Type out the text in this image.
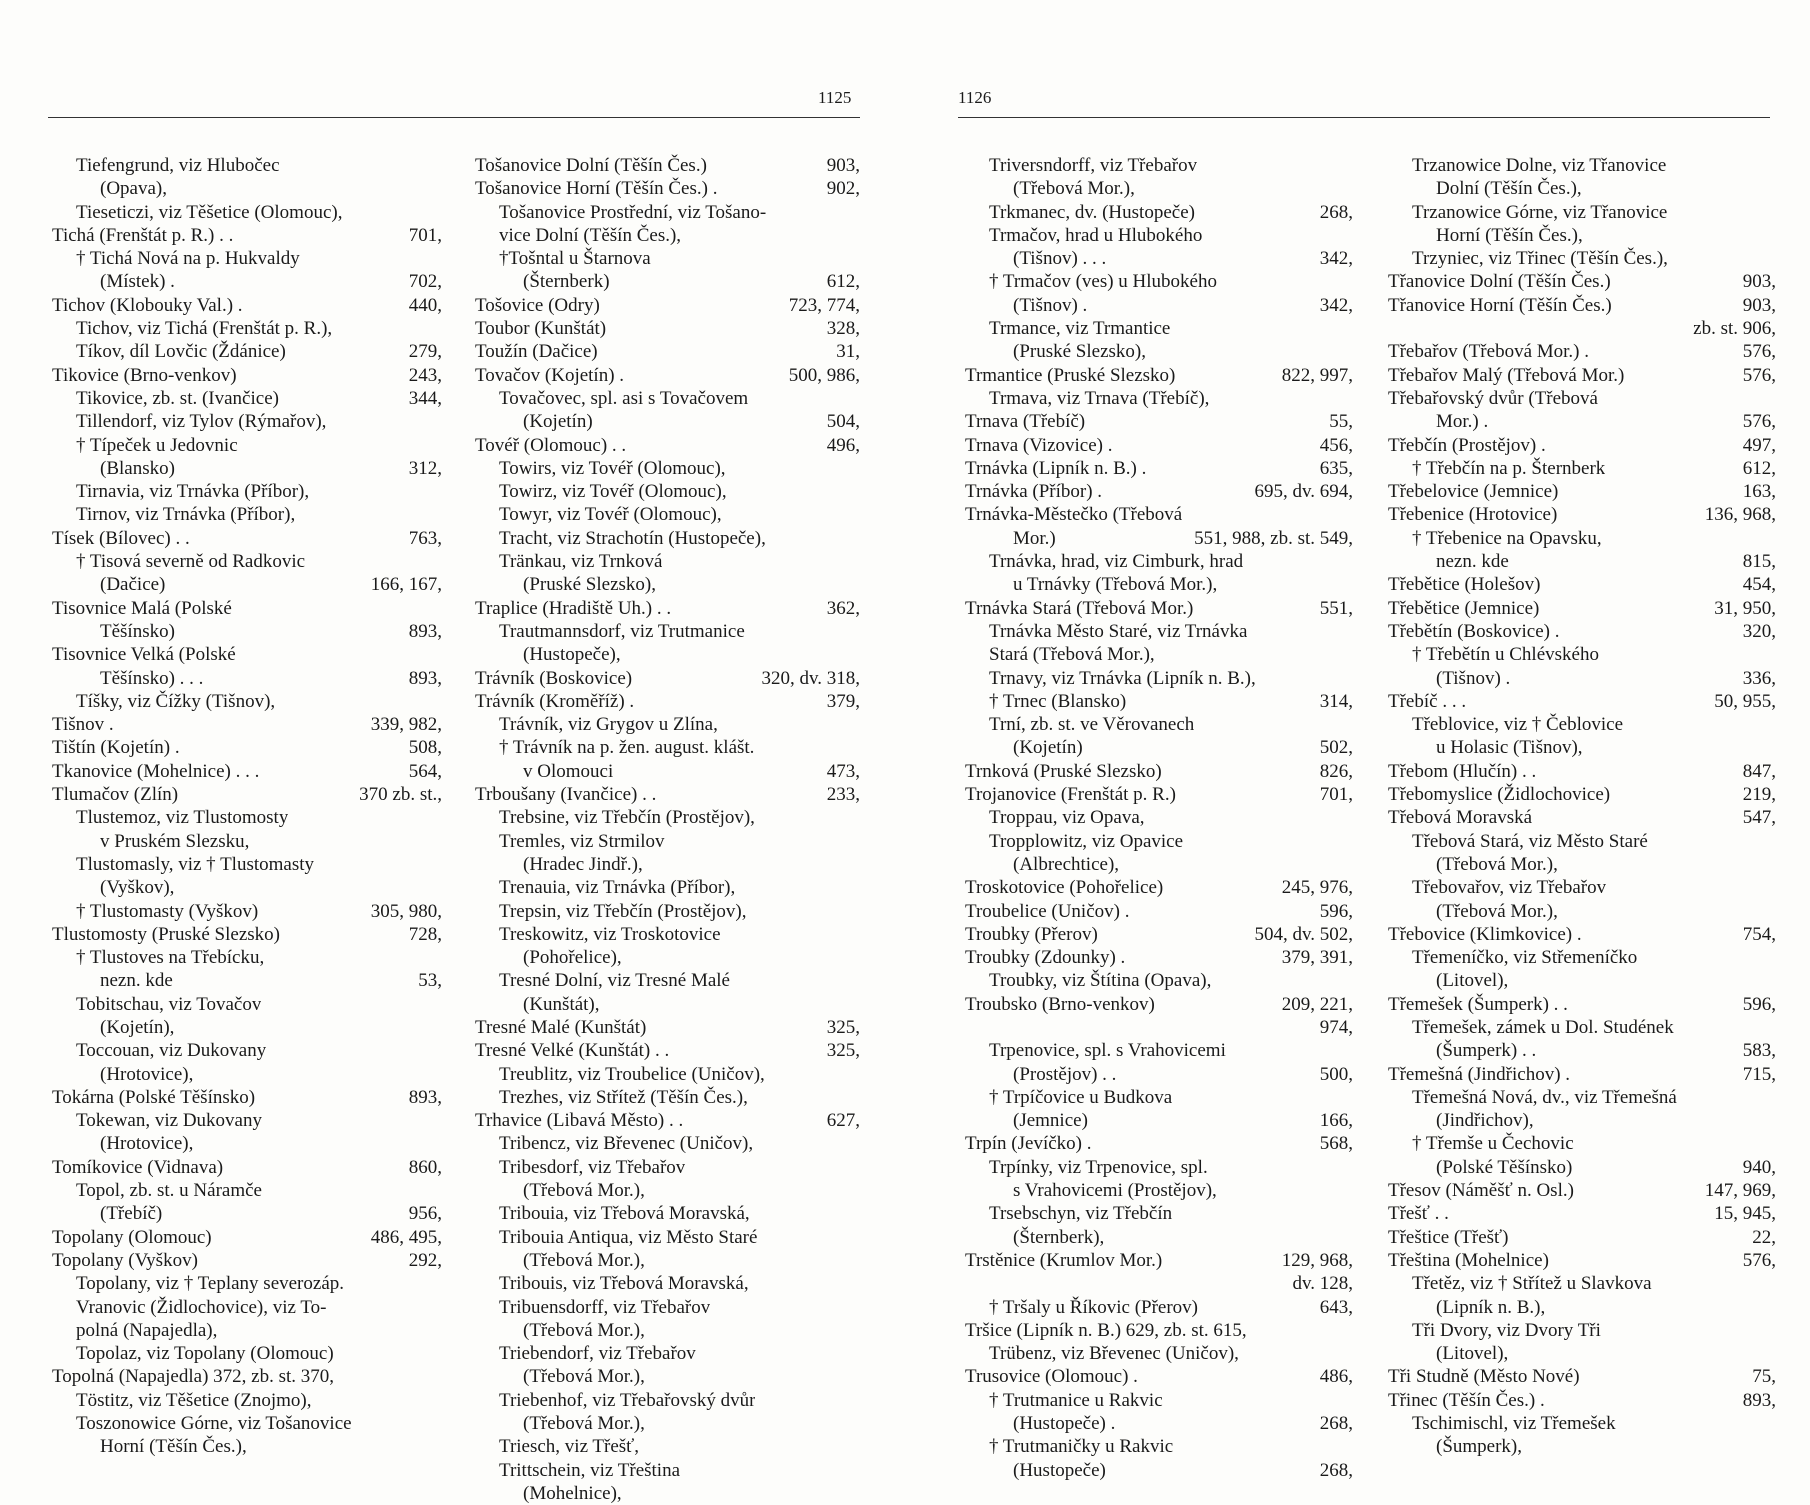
1125	1126
Tiefengrund, viz Hlubočec
(Opava),
Tieseticzi, viz Těšetice (Olomouc),
Tichá (Frenštát p. R.) . .	701,
† Tichá Nová na p. Hukvaldy
(Místek) .	702,
Tichov (Klobouky Val.) .	440,
Tichov, viz Tichá (Frenštát p. R.),
Tíkov, díl Lovčic (Ždánice)	279,
Tikovice (Brno-venkov)	243,
Tikovice, zb. st. (Ivančice)	344,
Tillendorf, viz Tylov (Rýmařov),
† Típeček u Jedovnic
(Blansko)	312,
Tirnavia, viz Trnávka (Příbor),
Tirnov, viz Trnávka (Příbor),
Tísek (Bílovec) . .	763,
† Tisová severně od Radkovic
(Dačice)	166, 167,
Tisovnice Malá (Polské
Těšínsko)	893,
Tisovnice Velká (Polské
Těšínsko) . . .	893,
Tíšky, viz Čížky (Tišnov),
Tišnov .	339, 982,
Tištín (Kojetín) .	508,
Tkanovice (Mohelnice) . . .	564,
Tlumačov (Zlín)	370 zb. st.,
Tlustemoz, viz Tlustomosty
v Pruském Slezsku,
Tlustomasly, viz † Tlustomasty
(Vyškov),
† Tlustomasty (Vyškov)	305, 980,
Tlustomosty (Pruské Slezsko)	728,
† Tlustoves na Třebícku,
nezn. kde	53,
Tobitschau, viz Tovačov
(Kojetín),
Toccouan, viz Dukovany
(Hrotovice),
Tokárna (Polské Těšínsko)	893,
Tokewan, viz Dukovany
(Hrotovice),
Tomíkovice (Vidnava)	860,
Topol, zb. st. u Náramče
(Třebíč)	956,
Topolany (Olomouc)	486, 495,
Topolany (Vyškov)	292,
Topolany, viz † Teplany severozáp.
Vranovic (Židlochovice), viz To-
polná (Napajedla),
Topolaz, viz Topolany (Olomouc)
Topolná (Napajedla) 372, zb. st. 370,
Töstitz, viz Těšetice (Znojmo),
Toszonowice Górne, viz Tošanovice
Horní (Těšín Čes.),
Tošanovice Dolní (Těšín Čes.)	903,
Tošanovice Horní (Těšín Čes.) .	902,
Tošanovice Prostřední, viz Tošano-
vice Dolní (Těšín Čes.),
†Tošntal u Štarnova
(Šternberk)	612,
Tošovice (Odry)	723, 774,
Toubor (Kunštát)	328,
Toužín (Dačice)	31,
Tovačov (Kojetín) .	500, 986,
Tovačovec, spl. asi s Tovačovem
(Kojetín)	504,
Tovéř (Olomouc) . .	496,
Towirs, viz Tovéř (Olomouc),
Towirz, viz Tovéř (Olomouc),
Towyr, viz Tovéř (Olomouc),
Tracht, viz Strachotín (Hustopeče),
Tränkau, viz Trnková
(Pruské Slezsko),
Traplice (Hradiště Uh.) . .	362,
Trautmannsdorf, viz Trutmanice
(Hustopeče),
Trávník (Boskovice)	320, dv. 318,
Trávník (Kroměříž) .	379,
Trávník, viz Grygov u Zlína,
† Trávník na p. žen. august. klášt.
v Olomouci	473,
Trboušany (Ivančice) . .	233,
Trebsine, viz Třebčín (Prostějov),
Tremles, viz Strmilov
(Hradec Jindř.),
Trenauia, viz Trnávka (Příbor),
Trepsin, viz Třebčín (Prostějov),
Treskowitz, viz Troskotovice
(Pohořelice),
Tresné Dolní, viz Tresné Malé
(Kunštát),
Tresné Malé (Kunštát)	325,
Tresné Velké (Kunštát) . .	325,
Treublitz, viz Troubelice (Uničov),
Trezhes, viz Střítež (Těšín Čes.),
Trhavice (Libavá Město) . .	627,
Tribencz, viz Břevenec (Uničov),
Tribesdorf, viz Třebařov
(Třebová Mor.),
Tribouia, viz Třebová Moravská,
Tribouia Antiqua, viz Město Staré
(Třebová Mor.),
Tribouis, viz Třebová Moravská,
Tribuensdorff, viz Třebařov
(Třebová Mor.),
Triebendorf, viz Třebařov
(Třebová Mor.),
Triebenhof, viz Třebařovský dvůr
(Třebová Mor.),
Triesch, viz Třešť,
Trittschein, viz Třeština
(Mohelnice),
Triversndorff, viz Třebařov
(Třebová Mor.),
Trkmanec, dv. (Hustopeče)	268,
Trmačov, hrad u Hlubokého
(Tišnov) . . .	342,
† Trmačov (ves) u Hlubokého
(Tišnov) .	342,
Trmance, viz Trmantice
(Pruské Slezsko),
Trmantice (Pruské Slezsko)	822, 997,
Trmava, viz Trnava (Třebíč),
Trnava (Třebíč)	55,
Trnava (Vizovice) .	456,
Trnávka (Lipník n. B.) .	635,
Trnávka (Příbor) .	695, dv. 694,
Trnávka-Městečko (Třebová
Mor.)	551, 988, zb. st. 549,
Trnávka, hrad, viz Cimburk, hrad
u Trnávky (Třebová Mor.),
Trnávka Stará (Třebová Mor.)	551,
Trnávka Město Staré, viz Trnávka
Stará (Třebová Mor.),
Trnavy, viz Trnávka (Lipník n. B.),
† Trnec (Blansko)	314,
Trní, zb. st. ve Věrovanech
(Kojetín)	502,
Trnková (Pruské Slezsko)	826,
Trojanovice (Frenštát p. R.)	701,
Troppau, viz Opava,
Tropplowitz, viz Opavice
(Albrechtice),
Troskotovice (Pohořelice)	245, 976,
Troubelice (Uničov) .	596,
Troubky (Přerov)	504, dv. 502,
Troubky (Zdounky) .	379, 391,
Troubky, viz Štítina (Opava),
Troubsko (Brno-venkov)	209, 221,
974,
Trpenovice, spl. s Vrahovicemi
(Prostějov) . .	500,
† Trpíčovice u Budkova
(Jemnice)	166,
Trpín (Jevíčko) .	568,
Trpínky, viz Trpenovice, spl.
s Vrahovicemi (Prostějov),
Trsebschyn, viz Třebčín
(Šternberk),
Trstěnice (Krumlov Mor.)	129, 968,
dv. 128,
† Tršaly u Říkovic (Přerov)	643,
Tršice (Lipník n. B.) 629, zb. st. 615,
Trübenz, viz Břevenec (Uničov),
Trusovice (Olomouc) .	486,
† Trutmanice u Rakvic
(Hustopeče) .	268,
† Trutmaničky u Rakvic
(Hustopeče)	268,
Trzanowice Dolne, viz Třanovice
Dolní (Těšín Čes.),
Trzanowice Górne, viz Třanovice
Horní (Těšín Čes.),
Trzyniec, viz Třinec (Těšín Čes.),
Třanovice Dolní (Těšín Čes.)	903,
Třanovice Horní (Těšín Čes.)	903,
zb. st. 906,
Třebařov (Třebová Mor.) .	576,
Třebařov Malý (Třebová Mor.)	576,
Třebařovský dvůr (Třebová
Mor.) .	576,
Třebčín (Prostějov) .	497,
† Třebčín na p. Šternberk	612,
Třebelovice (Jemnice)	163,
Třebenice (Hrotovice)	136, 968,
† Třebenice na Opavsku,
nezn. kde	815,
Třebětice (Holešov)	454,
Třebětice (Jemnice)	31, 950,
Třebětín (Boskovice) .	320,
† Třebětín u Chlévského
(Tišnov) .	336,
Třebíč . . .	50, 955,
Třeblovice, viz † Čeblovice
u Holasic (Tišnov),
Třebom (Hlučín) . .	847,
Třebomyslice (Židlochovice)	219,
Třebová Moravská	547,
Třebová Stará, viz Město Staré
(Třebová Mor.),
Třebovařov, viz Třebařov
(Třebová Mor.),
Třebovice (Klimkovice) .	754,
Třemeníčko, viz Střemeníčko
(Litovel),
Třemešek (Šumperk) . .	596,
Třemešek, zámek u Dol. Studének
(Šumperk) . .	583,
Třemešná (Jindřichov) .	715,
Třemešná Nová, dv., viz Třemešná
(Jindřichov),
† Třemše u Čechovic
(Polské Těšínsko)	940,
Třesov (Náměšť n. Osl.)	147, 969,
Třešť . .	15, 945,
Třeštice (Třešť)	22,
Třeština (Mohelnice)	576,
Třetěz, viz † Střítež u Slavkova
(Lipník n. B.),
Tři Dvory, viz Dvory Tři
(Litovel),
Tři Studně (Město Nové)	75,
Třinec (Těšín Čes.) .	893,
Tschimischl, viz Třemešek
(Šumperk),
